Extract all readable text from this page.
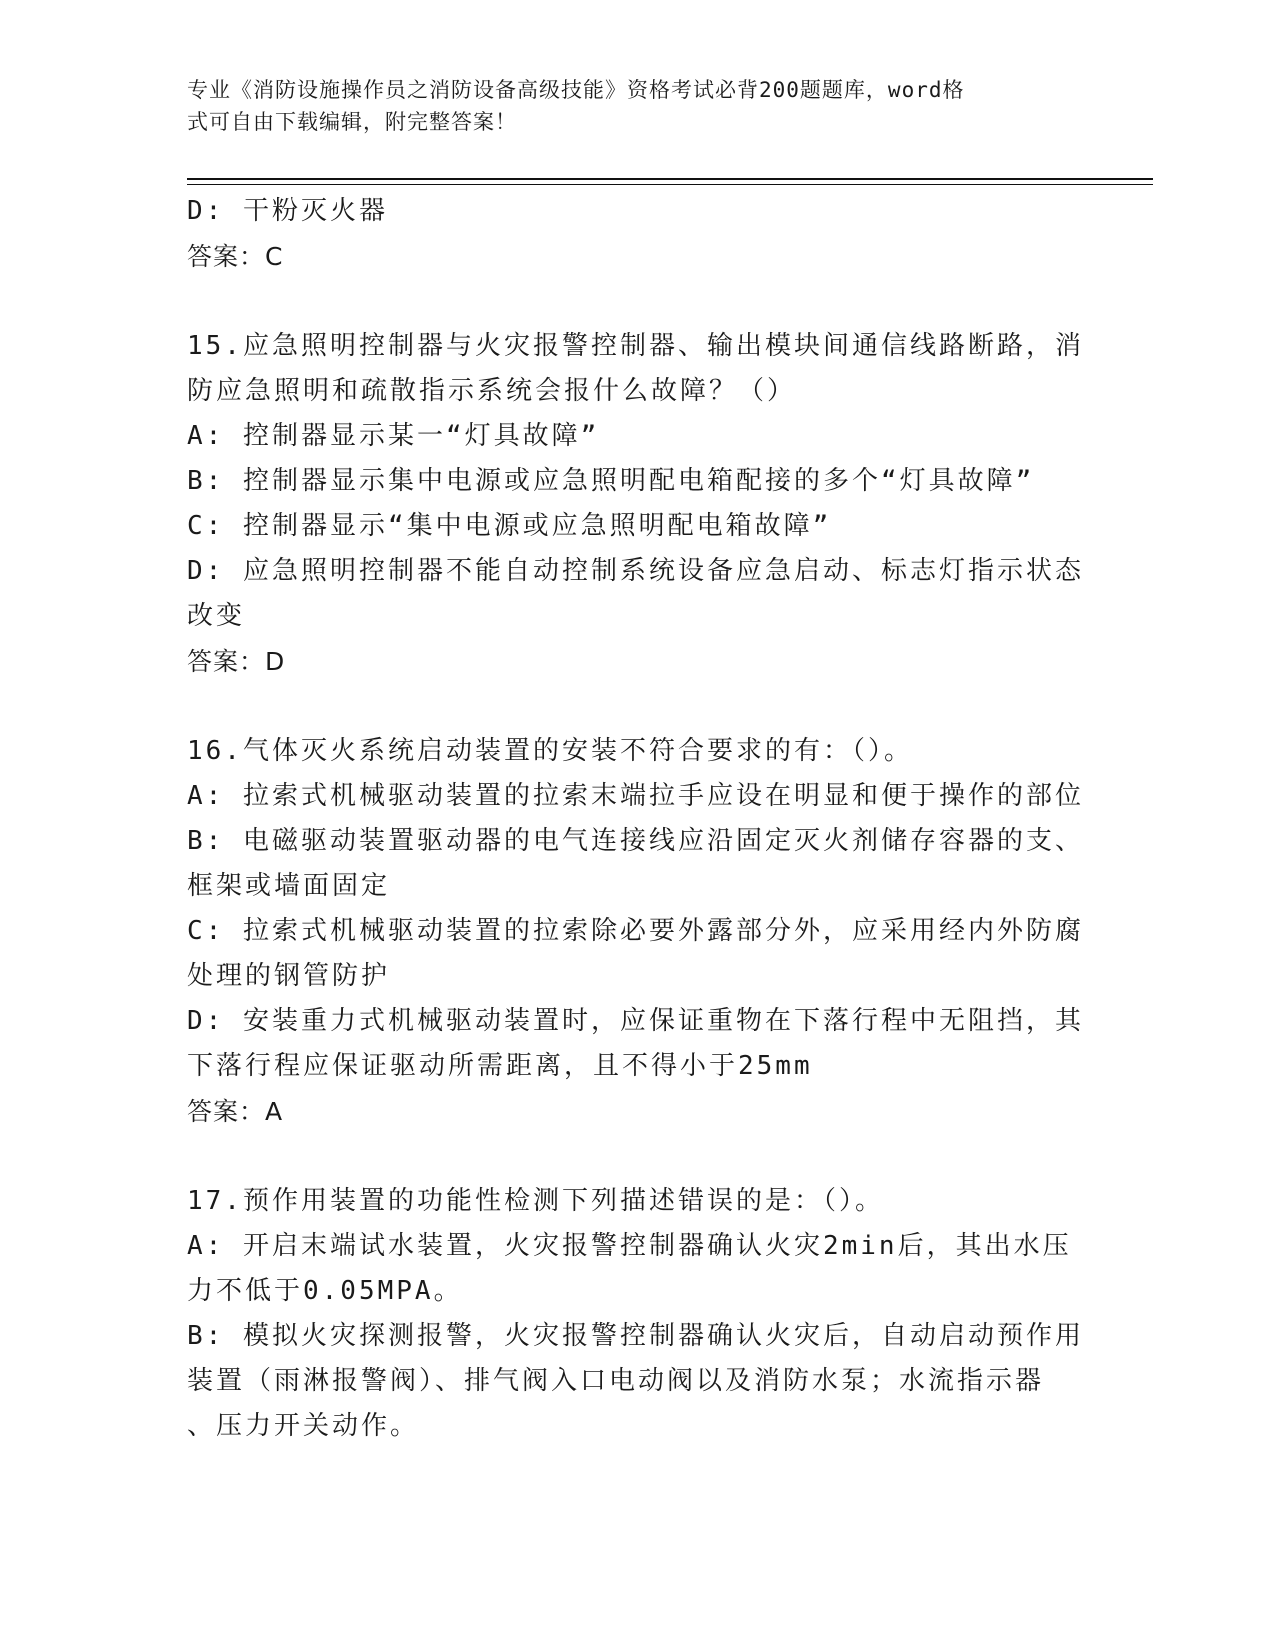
专业《消防设施操作员之消防设备高级技能》资格考试必背200题题库，word格
式可自由下载编辑，附完整答案！
D: 干粉灭火器
答案：C
15.应急照明控制器与火灾报警控制器、输出模块间通信线路断路，消
防应急照明和疏散指示系统会报什么故障？（）
A: 控制器显示某一“灯具故障”
B: 控制器显示集中电源或应急照明配电箱配接的多个“灯具故障”
C: 控制器显示“集中电源或应急照明配电箱故障”
D: 应急照明控制器不能自动控制系统设备应急启动、标志灯指示状态
改变
答案：D
16.气体灭火系统启动装置的安装不符合要求的有：（）。
A: 拉索式机械驱动装置的拉索末端拉手应设在明显和便于操作的部位
B: 电磁驱动装置驱动器的电气连接线应沿固定灭火剂储存容器的支、
框架或墙面固定
C: 拉索式机械驱动装置的拉索除必要外露部分外，应采用经内外防腐
处理的钢管防护
D: 安装重力式机械驱动装置时，应保证重物在下落行程中无阻挡，其
下落行程应保证驱动所需距离，且不得小于25mm
答案：A
17.预作用装置的功能性检测下列描述错误的是：（）。
A: 开启末端试水装置，火灾报警控制器确认火灾2min后，其出水压
力不低于0.05MPA。
B: 模拟火灾探测报警，火灾报警控制器确认火灾后，自动启动预作用
装置（雨淋报警阀）、排气阀入口电动阀以及消防水泵；水流指示器
、压力开关动作。
